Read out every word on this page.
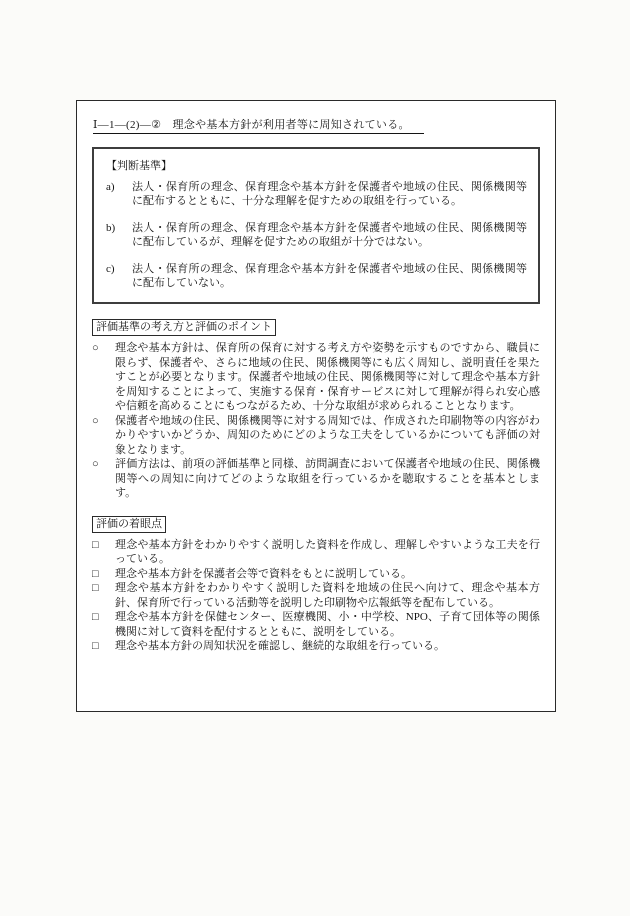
Ⅰ―1―(2)―②　理念や基本方針が利用者等に周知されている。
【判断基準】
a)	法人・保育所の理念、保育理念や基本方針を保護者や地域の住民、関係機関等に配布するとともに、十分な理解を促すための取組を行っている。
b)	法人・保育所の理念、保育理念や基本方針を保護者や地域の住民、関係機関等に配布しているが、理解を促すための取組が十分ではない。
c)	法人・保育所の理念、保育理念や基本方針を保護者や地域の住民、関係機関等に配布していない。
評価基準の考え方と評価のポイント
○	理念や基本方針は、保育所の保育に対する考え方や姿勢を示すものですから、職員に限らず、保護者や、さらに地域の住民、関係機関等にも広く周知し、説明責任を果たすことが必要となります。保護者や地域の住民、関係機関等に対して理念や基本方針を周知することによって、実施する保育・保育サービスに対して理解が得られ安心感や信頼を高めることにもつながるため、十分な取組が求められることとなります。
○	保護者や地域の住民、関係機関等に対する周知では、作成された印刷物等の内容がわかりやすいかどうか、周知のためにどのような工夫をしているかについても評価の対象となります。
○	評価方法は、前項の評価基準と同様、訪問調査において保護者や地域の住民、関係機関等への周知に向けてどのような取組を行っているかを聴取することを基本とします。
評価の着眼点
□	理念や基本方針をわかりやすく説明した資料を作成し、理解しやすいような工夫を行っている。
□	理念や基本方針を保護者会等で資料をもとに説明している。
□	理念や基本方針をわかりやすく説明した資料を地域の住民へ向けて、理念や基本方針、保育所で行っている活動等を説明した印刷物や広報紙等を配布している。
□	理念や基本方針を保健センター、医療機関、小・中学校、NPO、子育て団体等の関係機関に対して資料を配付するとともに、説明をしている。
□	理念や基本方針の周知状況を確認し、継続的な取組を行っている。
